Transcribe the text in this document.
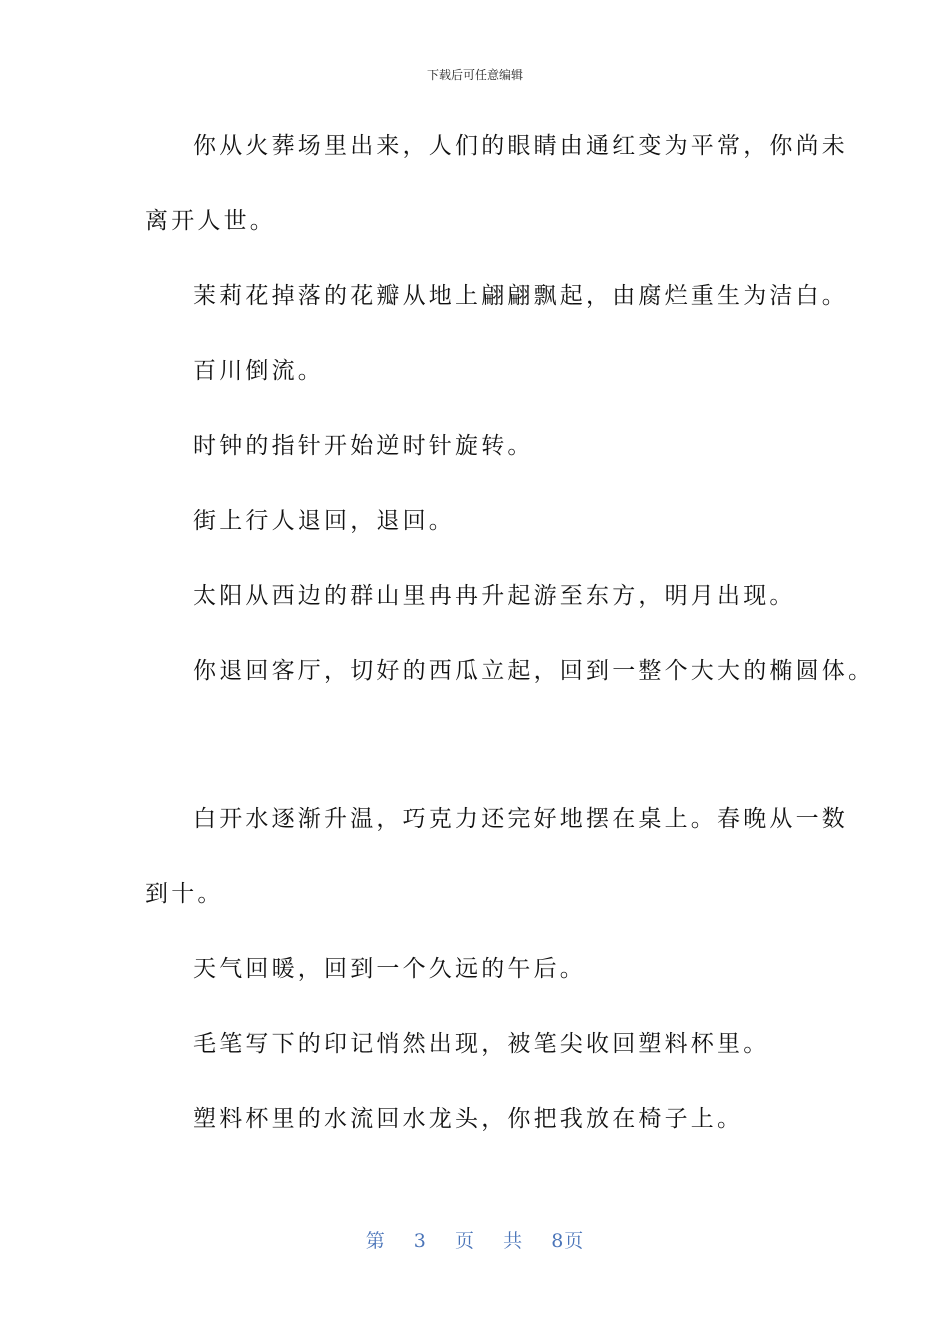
下载后可任意编辑
你从火葬场里出来，人们的眼睛由通红变为平常，你尚未
离开人世。
茉莉花掉落的花瓣从地上翩翩飘起，由腐烂重生为洁白。
百川倒流。
时钟的指针开始逆时针旋转。
街上行人退回，退回。
太阳从西边的群山里冉冉升起游至东方，明月出现。
你退回客厅，切好的西瓜立起，回到一整个大大的椭圆体。
白开水逐渐升温，巧克力还完好地摆在桌上。春晚从一数
到十。
天气回暖，回到一个久远的午后。
毛笔写下的印记悄然出现，被笔尖收回塑料杯里。
塑料杯里的水流回水龙头，你把我放在椅子上。
第 3 页 共 8页
